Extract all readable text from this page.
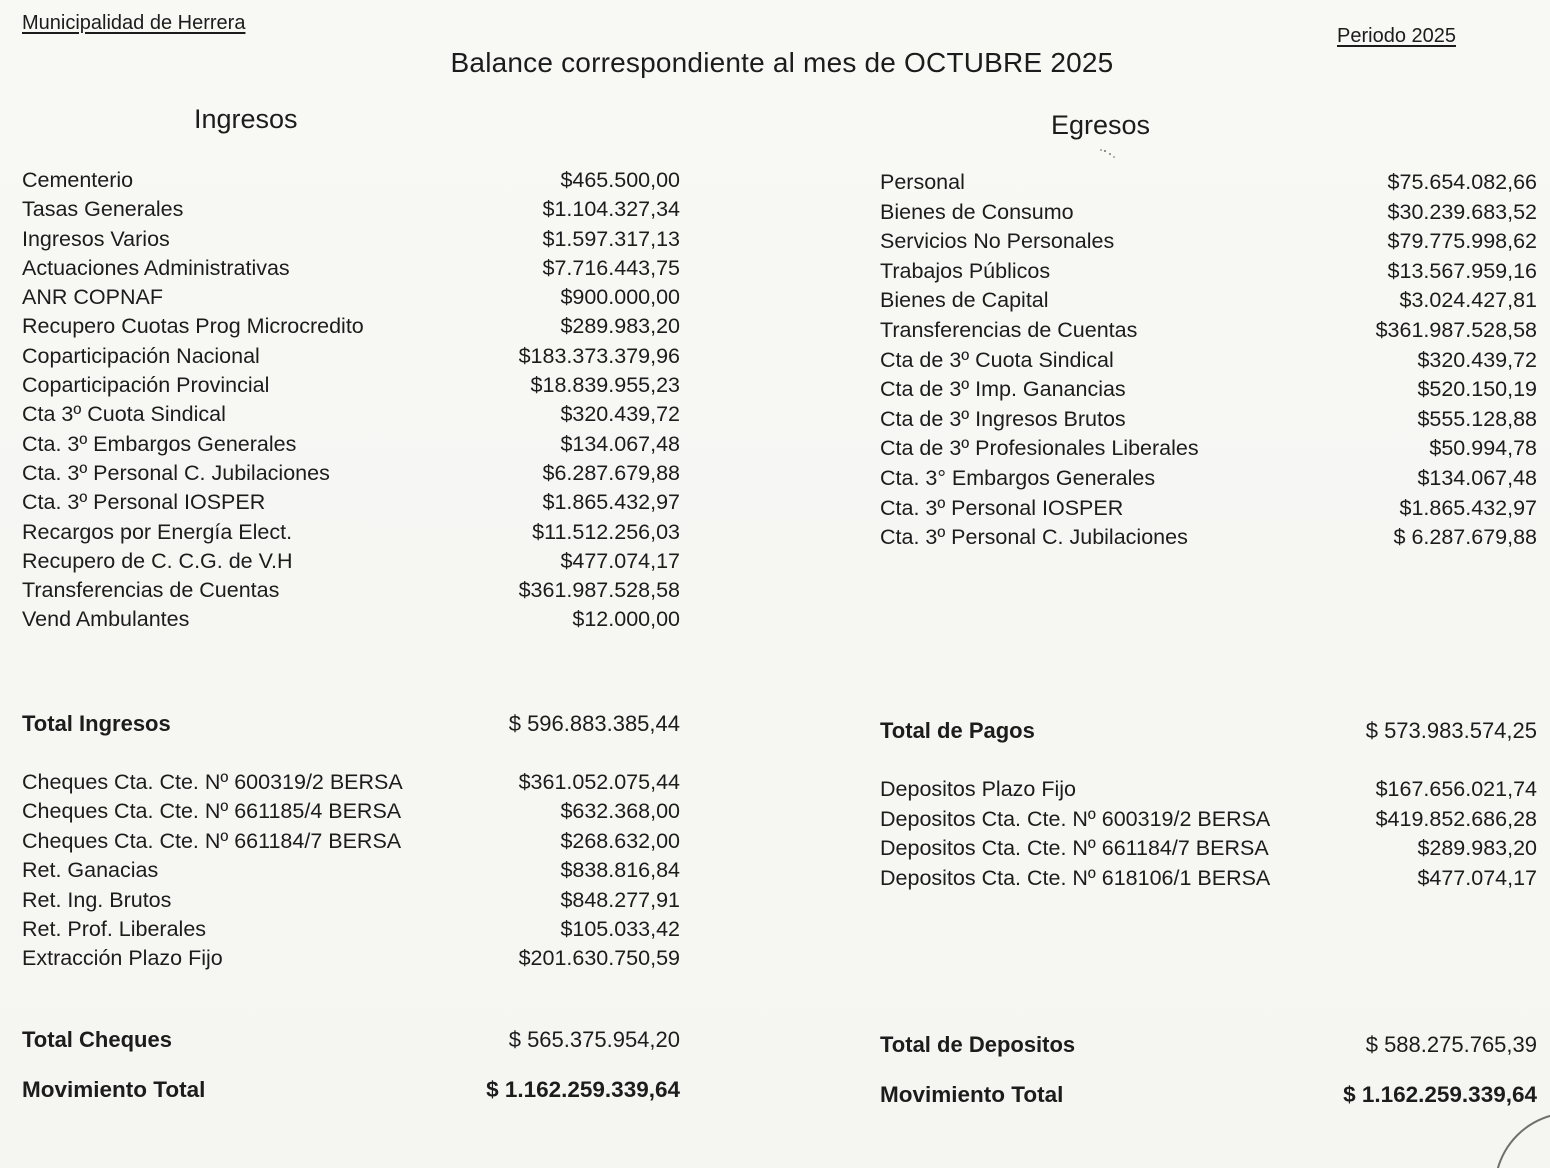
Municipalidad de Herrera
Periodo 2025
Balance correspondiente al mes de OCTUBRE 2025
Ingresos	Egresos
Cementerio	$465.500,00
Tasas Generales	$1.104.327,34
Ingresos Varios	$1.597.317,13
Actuaciones Administrativas	$7.716.443,75
ANR COPNAF	$900.000,00
Recupero Cuotas Prog Microcredito	$289.983,20
Coparticipación Nacional	$183.373.379,96
Coparticipación Provincial	$18.839.955,23
Cta 3º Cuota Sindical	$320.439,72
Cta. 3º Embargos Generales	$134.067,48
Cta. 3º Personal C. Jubilaciones	$6.287.679,88
Cta. 3º Personal IOSPER	$1.865.432,97
Recargos por Energía Elect.	$11.512.256,03
Recupero de C. C.G. de V.H	$477.074,17
Transferencias de Cuentas	$361.987.528,58
Vend Ambulantes	$12.000,00
Personal	$75.654.082,66
Bienes de Consumo	$30.239.683,52
Servicios No Personales	$79.775.998,62
Trabajos Públicos	$13.567.959,16
Bienes de Capital	$3.024.427,81
Transferencias de Cuentas	$361.987.528,58
Cta de 3º Cuota Sindical	$320.439,72
Cta de 3º Imp. Ganancias	$520.150,19
Cta de 3º Ingresos Brutos	$555.128,88
Cta de 3º Profesionales Liberales	$50.994,78
Cta. 3° Embargos Generales	$134.067,48
Cta. 3º Personal IOSPER	$1.865.432,97
Cta. 3º Personal C. Jubilaciones	$ 6.287.679,88
Total Ingresos	$ 596.883.385,44	Total de Pagos	$ 573.983.574,25
Cheques Cta. Cte. Nº 600319/2 BERSA	$361.052.075,44
Cheques Cta. Cte. Nº 661185/4 BERSA	$632.368,00
Cheques Cta. Cte. Nº 661184/7 BERSA	$268.632,00
Ret. Ganacias	$838.816,84
Ret. Ing. Brutos	$848.277,91
Ret. Prof. Liberales	$105.033,42
Extracción Plazo Fijo	$201.630.750,59
Depositos Plazo Fijo	$167.656.021,74
Depositos Cta. Cte. Nº 600319/2 BERSA	$419.852.686,28
Depositos Cta. Cte. Nº 661184/7 BERSA	$289.983,20
Depositos Cta. Cte. Nº 618106/1 BERSA	$477.074,17
Total Cheques	$ 565.375.954,20	Total de Depositos	$ 588.275.765,39
Movimiento Total	$ 1.162.259.339,64	Movimiento Total	$ 1.162.259.339,64
